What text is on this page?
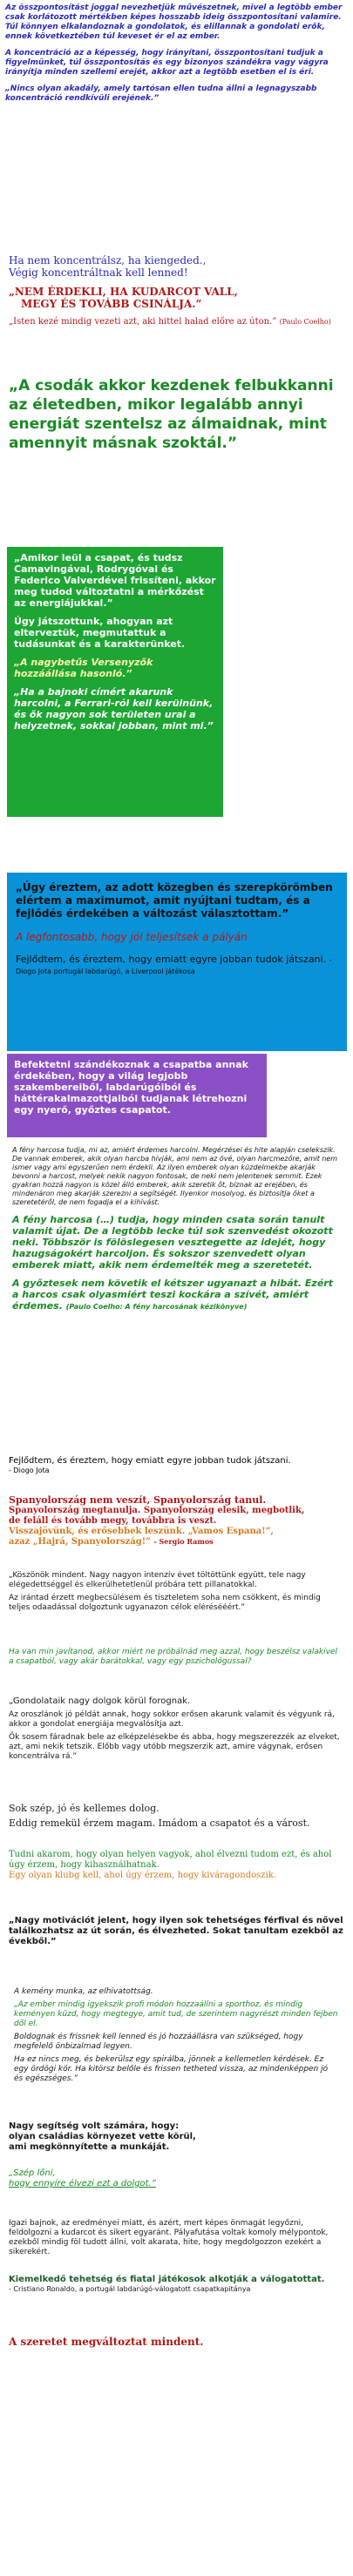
Az összpontosítást joggal nevezhetjük művészetnek, mivel a legtöbb ember csak korlátozott mértékben képes hosszabb ideig összpontosítani valamire. Túl könnyen elkalandoznak a gondolatok, és elillannak a gondolati erők, ennek következtében túl keveset ér el az ember.

A koncentráció az a képesség, hogy irányítani, összpontosítani tudjuk a figyelmünket, túl összpontosítás és egy bizonyos szándékra vagy vágyra irányítja minden szellemi erejét, akkor azt a legtöbb esetben el is éri.

„Nincs olyan akadály, amely tartósan ellen tudna állni a legnagyszabb koncentráció rendkívüli erejének.”

Ha nem koncentrálsz, ha kiengeded.,

Végig koncentráltnak kell lenned!

„NEM ÉRDEKLI, HA KUDARCOT VALL,

MEGY ÉS TOVÁBB CSINÁLJA.”

„Isten kezé mindig vezeti azt, aki hittel halad előre az úton.” (Paulo Coelho)

„A csodák akkor kezdenek felbukkanni az életedben, mikor legalább annyi energiát szentelsz az álmaidnak, mint amennyit másnak szoktál.”

„Amikor leül a csapat, és tudsz Camavingával, Rodrygóval és Federico Valverdével frissíteni, akkor meg tudod változtatni a mérkőzést az energiájukkal.”

Úgy játszottunk, ahogyan azt elterveztük, megmutattuk a tudásunkat és a karakterünket.

„A nagybetűs Versenyzők hozzáállása hasonló.”

„Ha a bajnoki címért akarunk harcolni, a Ferrari-ról kell kerülnünk, és ők nagyon sok területen urai a helyzetnek, sokkal jobban, mint mi.”

„Úgy éreztem, az adott közegben és szerepkörömben elértem a maximumot, amit nyújtani tudtam, és a fejlődés érdekében a változást választottam.”

A legfontosabb, hogy jól teljesítsek a pályán

Fejlődtem, és éreztem, hogy emiatt egyre jobban tudok játszani. - Diogo Jota portugál labdarúgó, a Liverpool játékosa

Befektetni szándékoznak a csapatba annak érdekében, hogy a világ legjobb szakembereiből, labdarúgóiból és háttérakalmazottjaiból tudjanak létrehozni egy nyerő, győztes csapatot.

A fény harcosa tudja, mi az, amiért érdemes harcolni. Megérzései és hite alapján cselekszik. De vannak emberek, akik olyan harcba hívják, ami nem az övé, olyan harcmezőre, amit nem ismer vagy ami egyszerűen nem érdekli. Az ilyen emberek olyan küzdelmekbe akarják bevonni a harcost, melyek nekik nagyon fontosak, de neki nem jelentenek semmit. Ezek gyakran hozzá nagyon is közel álló emberek, akik szeretik őt, bíznak az erejében, és mindenáron meg akarják szerezni a segítségét. Ilyenkor mosolyog, és biztosítja őket a szeretetéről, de nem fogadja el a kihívást.

A fény harcosa (…) tudja, hogy minden csata során tanult valamit újat. De a legtöbb lecke túl sok szenvedést okozott neki. Többször is fölöslegesen vesztegette az idejét, hogy hazugságokért harcoljon. És sokszor szenvedett olyan emberek miatt, akik nem érdemelték meg a szeretetét.

A győztesek nem követik el kétszer ugyanazt a hibát. Ezért a harcos csak olyasmiért teszi kockára a szívét, amiért érdemes. (Paulo Coelho: A fény harcosának kézikönyve)

Fejlődtem, és éreztem, hogy emiatt egyre jobban tudok játszani.

- Diogo Jota

Spanyolország nem veszít, Spanyolország tanul.

Spanyolország megtanulja. Spanyolország elesik, megbotlik,

de feláll és tovább megy, továbbra is veszt.

Visszajövünk, és erősebbek leszünk. „Vamos Espana!”,

azaz „Hajrá, Spanyolország!” - Sergio Ramos

„Köszönök mindent. Nagy nagyon intenzív évet töltöttünk együtt, tele nagy elégedettséggel és elkerülhetetlenül próbára tett pillanatokkal.

Az irántad érzett megbecsülésem és tiszteletem soha nem csökkent, és mindig teljes odaadással dolgoztunk ugyanazon célok elérésééért.”

Ha van min javítanod, akkor miért ne próbálnád meg azzal, hogy beszélsz valakivel a csapatból, vagy akár barátokkal, vagy egy pszichológussal?

„Gondolataik nagy dolgok körül forognak.

Az oroszlánok jó példát annak, hogy sokkor erősen akarunk valamit és végyunk rá, akkor a gondolat energiája megvalósítja azt.

Ők sosem fáradnak bele az elképzelésekbe és abba, hogy megszerezzék az elveket, azt, ami nekik tetszik. Előbb vagy utóbb megszerzik azt, amire vágynak, erősen koncentrálva rá.”

Sok szép, jó és kellemes dolog.

Eddig remekül érzem magam. Imádom a csapatot és a várost.

Tudni akarom, hogy olyan helyen vagyok, ahol élvezni tudom ezt, és ahol úgy érzem, hogy kihasználhatnak.

Egy olyan klubg kell, ahol úgy érzem, hogy kiváragondoszik.

„Nagy motivációt jelent, hogy ilyen sok tehetséges férfival és nővel találkozhatsz az út során, és élvezheted. Sokat tanultam ezekből az évekből.”

A kemény munka, az elhivatottság.

„Az ember mindig igyekszik profi módon hozzaállni a sporthoz, és mindig keményen kűzd, hogy megtegye, amit tud, de szerintem nagyrészt minden fejben dől el.

Boldognak és frissnek kell lenned és jó hozzáállásra van szükséged, hogy megfelelő önbizalmad legyen.

Ha ez nincs meg, és bekerülsz egy spirálba, jönnek a kellemetlen kérdések. Ez egy ördögi kör. Ha kitörsz belőle és frissen tetheted vissza, az mindenképpen jó és egészséges.”

Nagy segítség volt számára, hogy:

olyan családias környezet vette körül,

ami megkönnyítette a munkáját.

„Szép lőni,

hogy ennyire élvezi ezt a dolgot.”

Igazi bajnok, az eredményei miatt, és azért, mert képes önmagát legyőzni, feldolgozni a kudarcot és sikert egyaránt. Pályafutása voltak komoly mélypontok, ezekből mindig föl tudott állni, volt akarata, hite, hogy megdolgozzon ezekért a sikerekért.

Kiemelkedő tehetség és fiatal játékosok alkotják a válogatottat.

- Cristiano Ronaldo, a portugál labdarúgó-válogatott csapatkapitánya

A szeretet megváltoztat mindent.
